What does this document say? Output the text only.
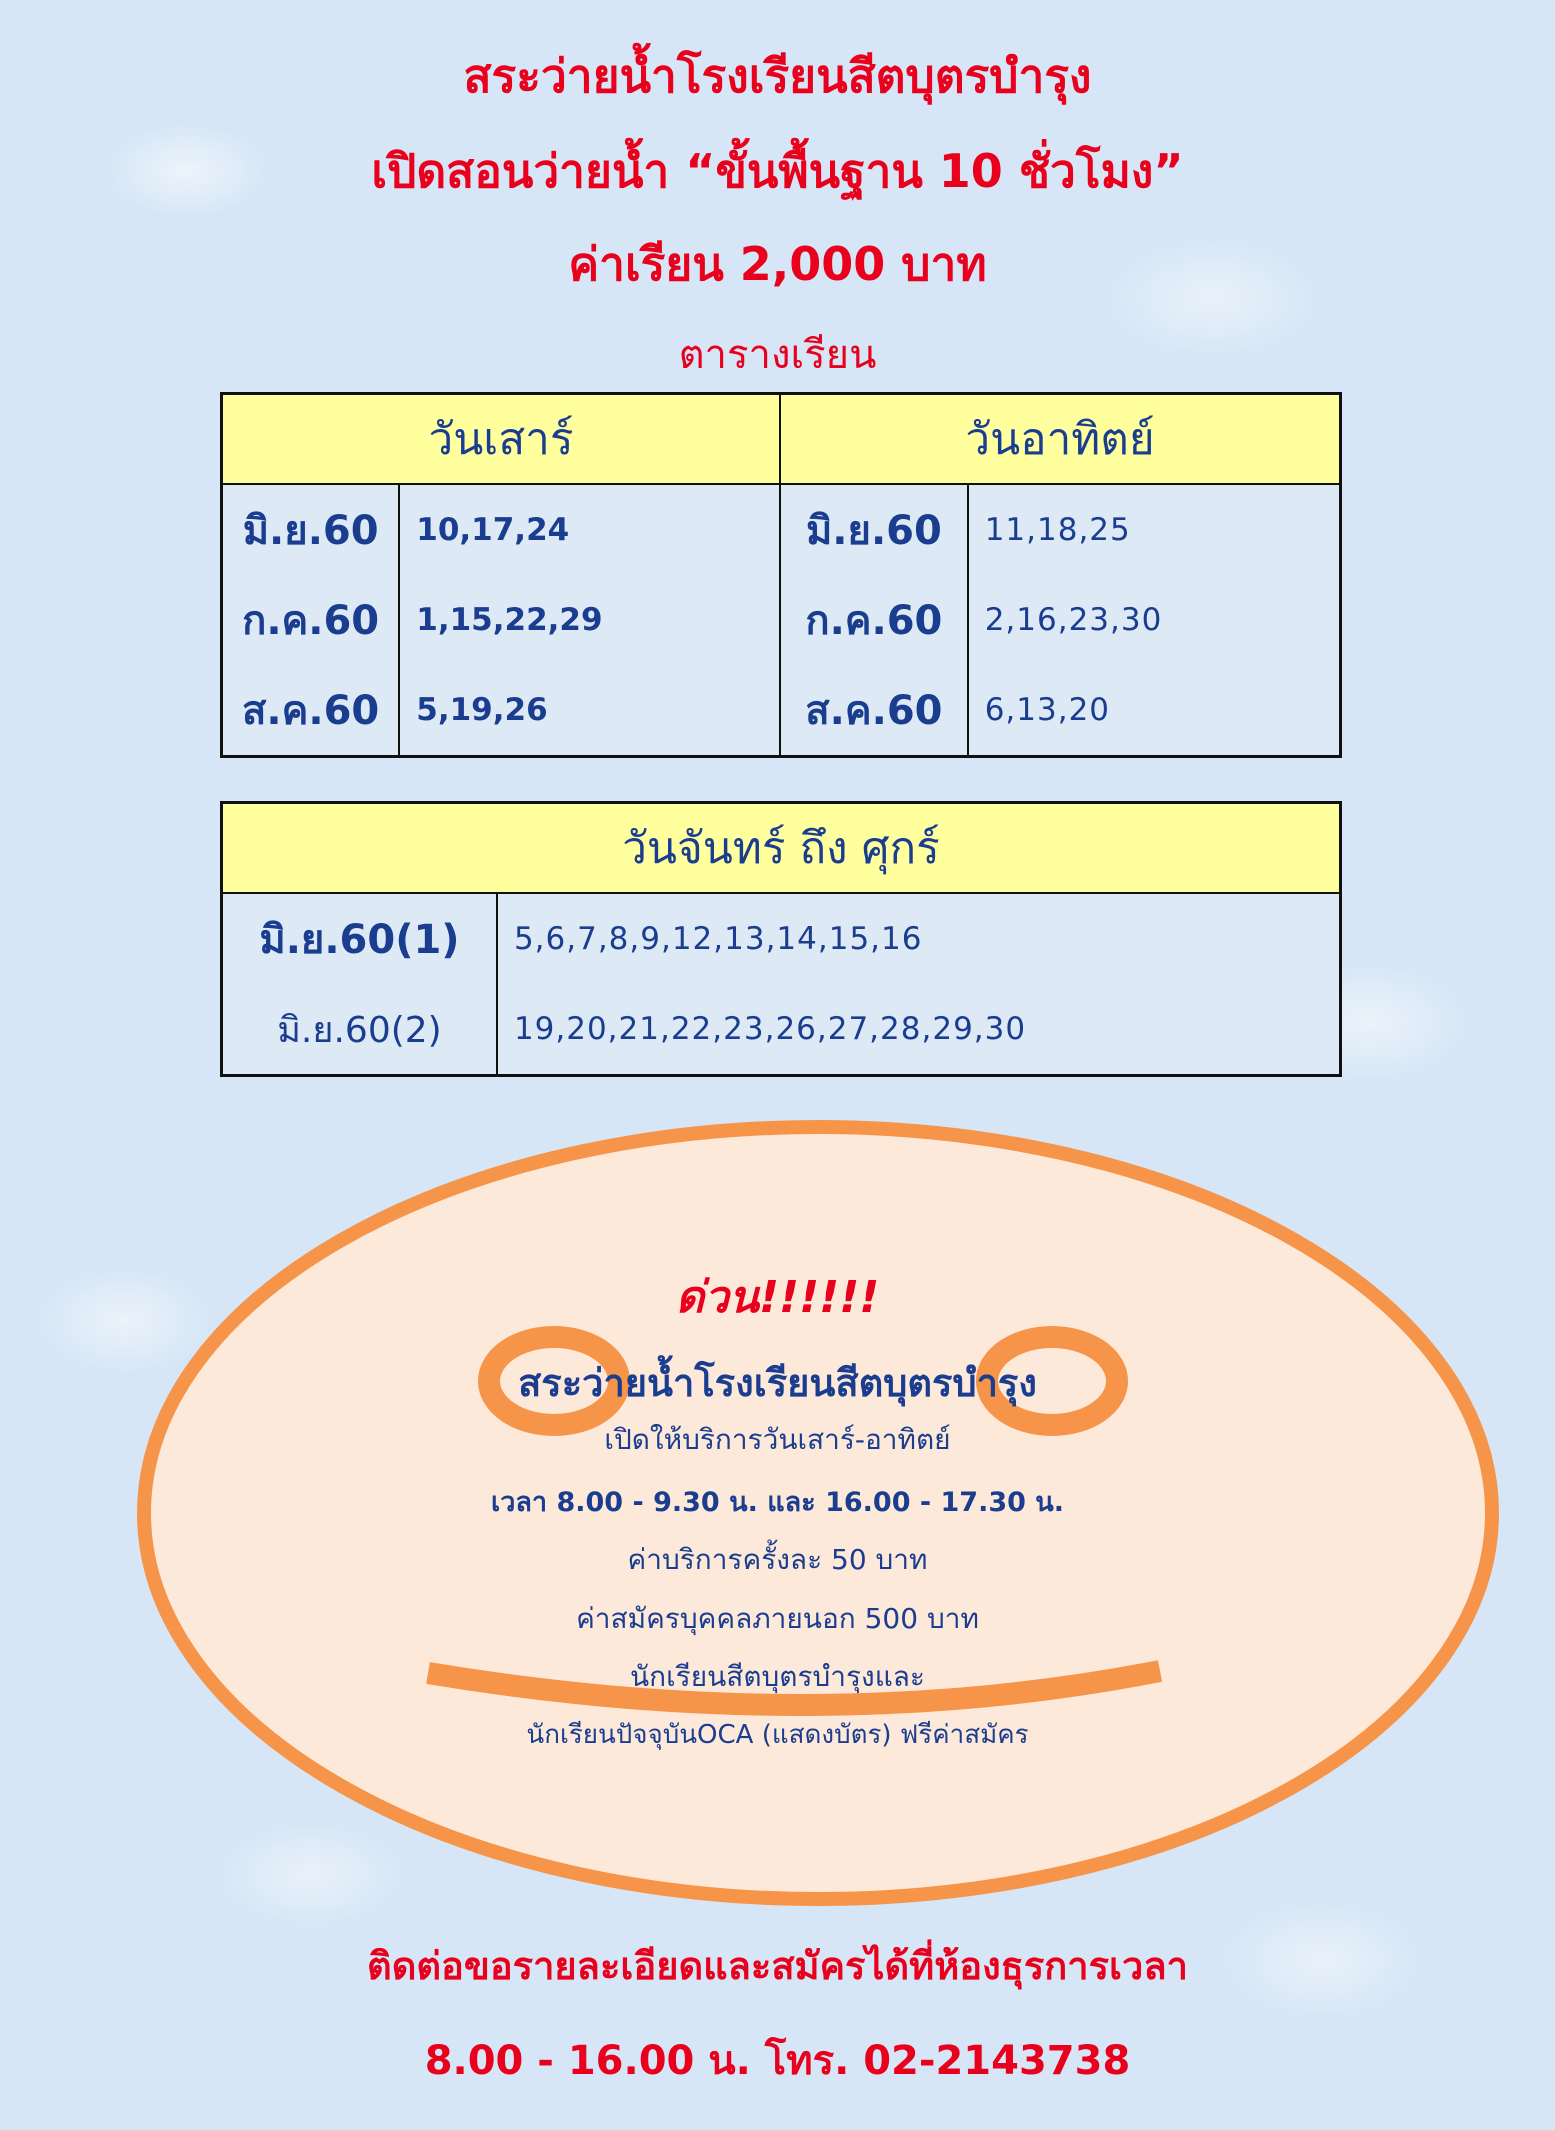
สระว่ายน้ำโรงเรียนสีตบุตรบำรุง
เปิดสอนว่ายน้ำ “ขั้นพื้นฐาน 10 ชั่วโมง”
ค่าเรียน 2,000 บาท
ตารางเรียน
วันเสาร์		วันอาทิตย์	
มิ.ย.60	10,17,24	มิ.ย.60	11,18,25
ก.ค.60	1,15,22,29	ก.ค.60	2,16,23,30
ส.ค.60	5,19,26	ส.ค.60	6,13,20
วันจันทร์ ถึง ศุกร์	
มิ.ย.60(1)	5,6,7,8,9,12,13,14,15,16
มิ.ย.60(2)	19,20,21,22,23,26,27,28,29,30
ด่วน!!!!!!
สระว่ายน้ำโรงเรียนสีตบุตรบำรุง
เปิดให้บริการวันเสาร์-อาทิตย์
เวลา 8.00 - 9.30 น. และ 16.00 - 17.30 น.
ค่าบริการครั้งละ 50 บาท
ค่าสมัครบุคคลภายนอก 500 บาท
นักเรียนสีตบุตรบำรุงและ
นักเรียนปัจจุบันOCA (แสดงบัตร) ฟรีค่าสมัคร
ติดต่อขอรายละเอียดและสมัครได้ที่ห้องธุรการเวลา
8.00 - 16.00 น. โทร. 02-2143738
